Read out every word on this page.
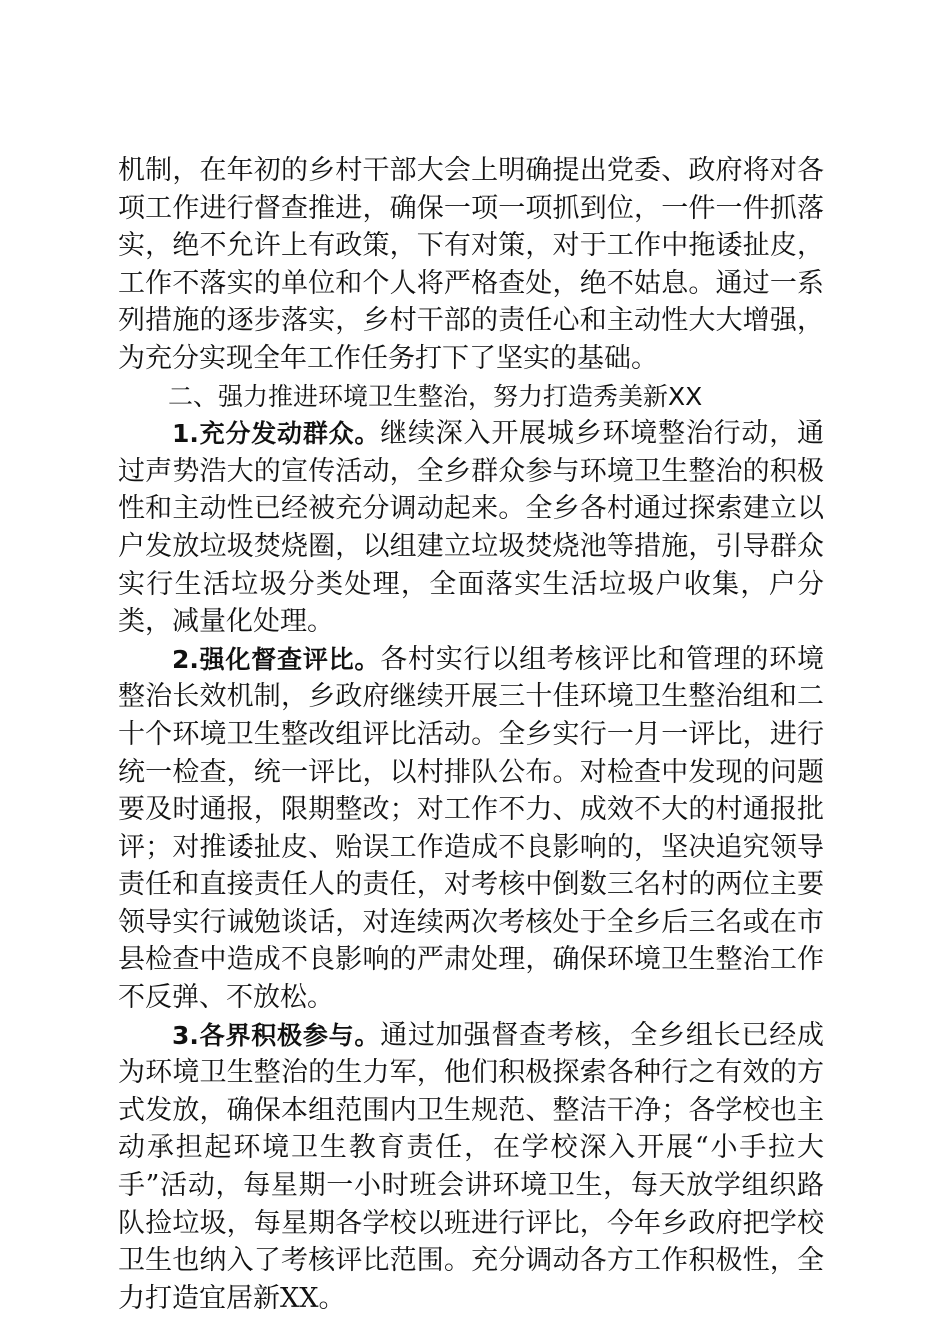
机制，在年初的乡村干部大会上明确提出党委、政府将对各项工作进行督查推进，确保一项一项抓到位，一件一件抓落实，绝不允许上有政策，下有对策，对于工作中拖诿扯皮，工作不落实的单位和个人将严格查处，绝不姑息。通过一系列措施的逐步落实，乡村干部的责任心和主动性大大增强，为充分实现全年工作任务打下了坚实的基础。

二、强力推进环境卫生整治，努力打造秀美新XX

1.充分发动群众。继续深入开展城乡环境整治行动，通过声势浩大的宣传活动，全乡群众参与环境卫生整治的积极性和主动性已经被充分调动起来。全乡各村通过探索建立以户发放垃圾焚烧圈，以组建立垃圾焚烧池等措施，引导群众实行生活垃圾分类处理，全面落实生活垃圾户收集，户分类，减量化处理。

2.强化督查评比。各村实行以组考核评比和管理的环境整治长效机制，乡政府继续开展三十佳环境卫生整治组和二十个环境卫生整改组评比活动。全乡实行一月一评比，进行统一检查，统一评比，以村排队公布。对检查中发现的问题要及时通报，限期整改；对工作不力、成效不大的村通报批评；对推诿扯皮、贻误工作造成不良影响的，坚决追究领导责任和直接责任人的责任，对考核中倒数三名村的两位主要领导实行诫勉谈话，对连续两次考核处于全乡后三名或在市县检查中造成不良影响的严肃处理，确保环境卫生整治工作不反弹、不放松。

3.各界积极参与。通过加强督查考核，全乡组长已经成为环境卫生整治的生力军，他们积极探索各种行之有效的方式发放，确保本组范围内卫生规范、整洁干净；各学校也主动承担起环境卫生教育责任，在学校深入开展“小手拉大手”活动，每星期一小时班会讲环境卫生，每天放学组织路队捡垃圾，每星期各学校以班进行评比，今年乡政府把学校卫生也纳入了考核评比范围。充分调动各方工作积极性，全力打造宜居新XX。
